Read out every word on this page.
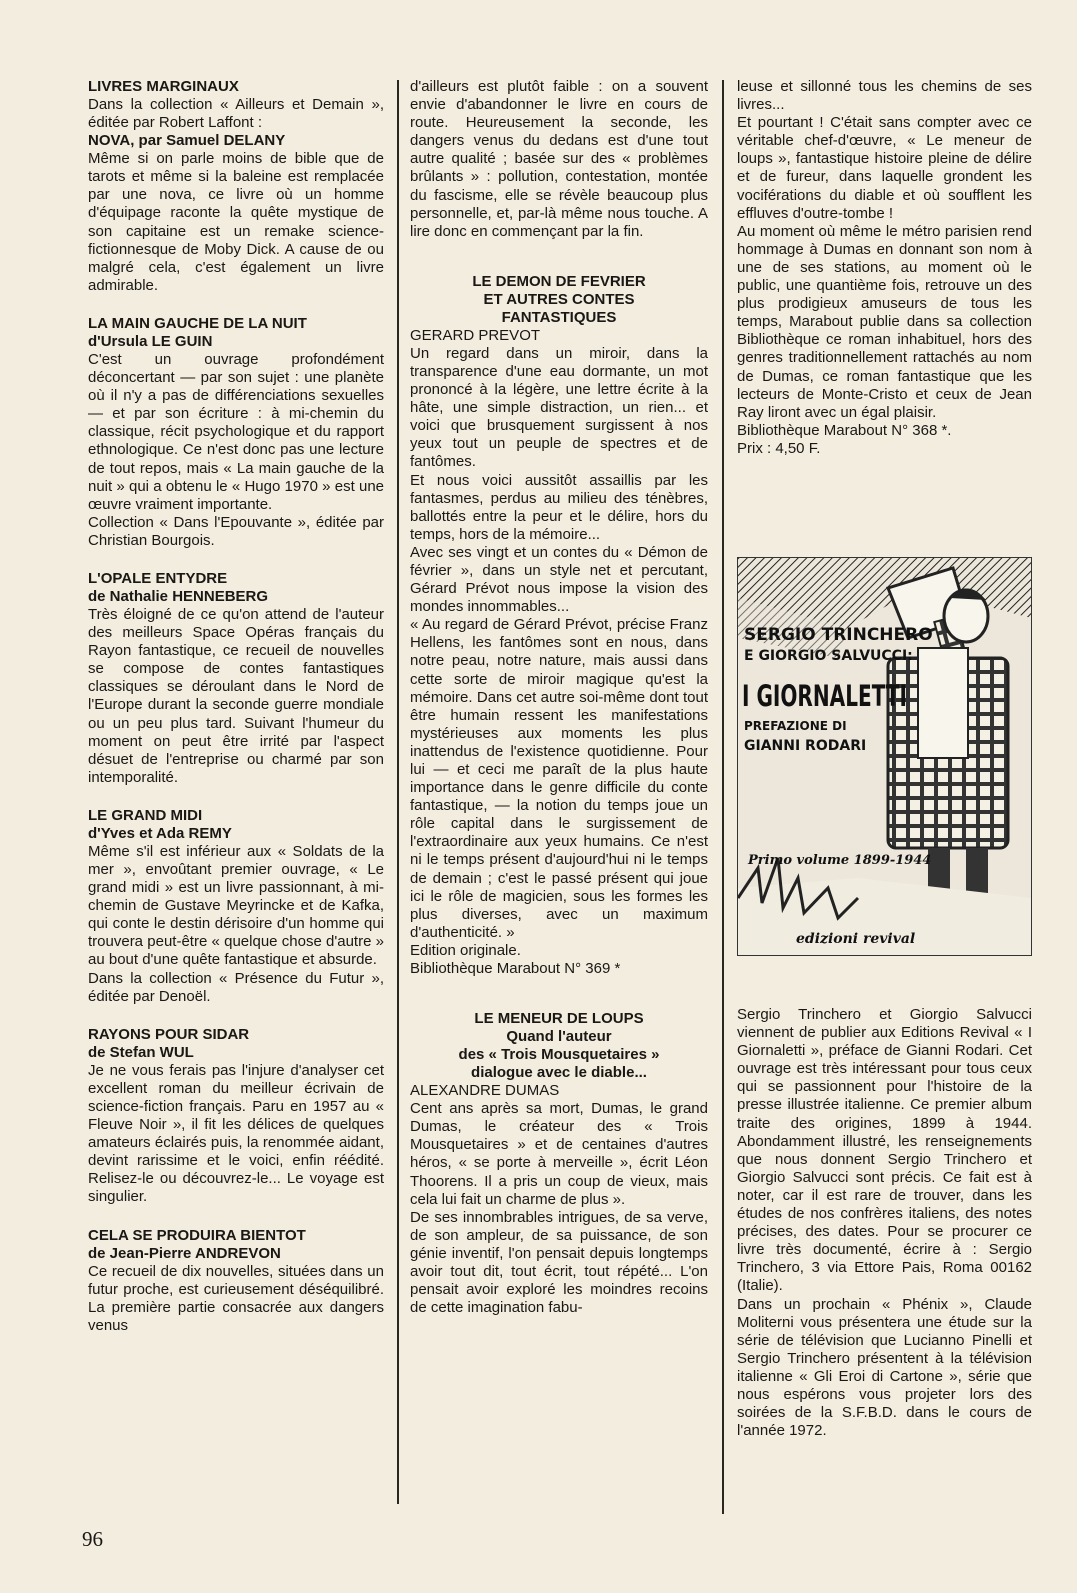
LIVRES MARGINAUX

Dans la collection « Ailleurs et Demain », éditée par Robert Laffont :

NOVA, par Samuel DELANY

Même si on parle moins de bible que de tarots et même si la baleine est remplacée par une nova, ce livre où un homme d'équipage raconte la quête mystique de son capitaine est un remake science-fictionnesque de Moby Dick. A cause de ou malgré cela, c'est également un livre admirable.

LA MAIN GAUCHE DE LA NUIT

d'Ursula LE GUIN

C'est un ouvrage profondément déconcertant — par son sujet : une planète où il n'y a pas de différenciations sexuelles — et par son écriture : à mi-chemin du classique, récit psychologique et du rapport ethnologique. Ce n'est donc pas une lecture de tout repos, mais « La main gauche de la nuit » qui a obtenu le « Hugo 1970 » est une œuvre vraiment importante.

Collection « Dans l'Epouvante », éditée par Christian Bourgois.

L'OPALE ENTYDRE

de Nathalie HENNEBERG

Très éloigné de ce qu'on attend de l'auteur des meilleurs Space Opéras français du Rayon fantastique, ce recueil de nouvelles se compose de contes fantastiques classiques se déroulant dans le Nord de l'Europe durant la seconde guerre mondiale ou un peu plus tard. Suivant l'humeur du moment on peut être irrité par l'aspect désuet de l'entreprise ou charmé par son intemporalité.

LE GRAND MIDI

d'Yves et Ada REMY

Même s'il est inférieur aux « Soldats de la mer », envoûtant premier ouvrage, « Le grand midi » est un livre passionnant, à mi-chemin de Gustave Meyrincke et de Kafka, qui conte le destin dérisoire d'un homme qui trouvera peut-être « quelque chose d'autre » au bout d'une quête fantastique et absurde.

Dans la collection « Présence du Futur », éditée par Denoël.

RAYONS POUR SIDAR

de Stefan WUL

Je ne vous ferais pas l'injure d'analyser cet excellent roman du meilleur écrivain de science-fiction français. Paru en 1957 au « Fleuve Noir », il fit les délices de quelques amateurs éclairés puis, la renommée aidant, devint rarissime et le voici, enfin réédité. Relisez-le ou découvrez-le... Le voyage est singulier.

CELA SE PRODUIRA BIENTOT

de Jean-Pierre ANDREVON

Ce recueil de dix nouvelles, situées dans un futur proche, est curieusement déséquilibré. La première partie consacrée aux dangers venus

d'ailleurs est plutôt faible : on a souvent envie d'abandonner le livre en cours de route. Heureusement la seconde, les dangers venus du dedans est d'une tout autre qualité ; basée sur des « problèmes brûlants » : pollution, contestation, montée du fascisme, elle se révèle beaucoup plus personnelle, et, par-là même nous touche. A lire donc en commençant par la fin.

LE DEMON DE FEVRIER

ET AUTRES CONTES

FANTASTIQUES

GERARD PREVOT

Un regard dans un miroir, dans la transparence d'une eau dormante, un mot prononcé à la légère, une lettre écrite à la hâte, une simple distraction, un rien... et voici que brusquement surgissent à nos yeux tout un peuple de spectres et de fantômes.

Et nous voici aussitôt assaillis par les fantasmes, perdus au milieu des ténèbres, ballottés entre la peur et le délire, hors du temps, hors de la mémoire...

Avec ses vingt et un contes du « Démon de février », dans un style net et percutant, Gérard Prévot nous impose la vision des mondes innommables...

« Au regard de Gérard Prévot, précise Franz Hellens, les fantômes sont en nous, dans notre peau, notre nature, mais aussi dans cette sorte de miroir magique qu'est la mémoire. Dans cet autre soi-même dont tout être humain ressent les manifestations mystérieuses aux moments les plus inattendus de l'existence quotidienne. Pour lui — et ceci me paraît de la plus haute importance dans le genre difficile du conte fantastique, — la notion du temps joue un rôle capital dans le surgissement de l'extraordinaire aux yeux humains. Ce n'est ni le temps présent d'aujourd'hui ni le temps de demain ; c'est le passé présent qui joue ici le rôle de magicien, sous les formes les plus diverses, avec un maximum d'authenticité. »

Edition originale.

Bibliothèque Marabout N° 369 *

LE MENEUR DE LOUPS

Quand l'auteur

des « Trois Mousquetaires »

dialogue avec le diable...

ALEXANDRE DUMAS

Cent ans après sa mort, Dumas, le grand Dumas, le créateur des « Trois Mousquetaires » et de centaines d'autres héros, « se porte à merveille », écrit Léon Thoorens. Il a pris un coup de vieux, mais cela lui fait un charme de plus ».

De ses innombrables intrigues, de sa verve, de son ampleur, de sa puissance, de son génie inventif, l'on pensait depuis longtemps avoir tout dit, tout écrit, tout répété... L'on pensait avoir exploré les moindres recoins de cette imagination fabu-

leuse et sillonné tous les chemins de ses livres...

Et pourtant ! C'était sans compter avec ce véritable chef-d'œuvre, « Le meneur de loups », fantastique histoire pleine de délire et de fureur, dans laquelle grondent les vociférations du diable et où soufflent les effluves d'outre-tombe !

Au moment où même le métro parisien rend hommage à Dumas en donnant son nom à une de ses stations, au moment où le public, une quantième fois, retrouve un des plus prodigieux amuseurs de tous les temps, Marabout publie dans sa collection Bibliothèque ce roman inhabituel, hors des genres traditionnellement rattachés au nom de Dumas, ce roman fantastique que les lecteurs de Monte-Cristo et ceux de Jean Ray liront avec un égal plaisir.

Bibliothèque Marabout N° 368 *.

Prix : 4,50 F.

SERGIO TRINCHERO
E GIORGIO SALVUCCI:
I GIORNALETTI
PREFAZIONE DI
GIANNI RODARI
Primo volume 1899-1944
edizioni revival

Sergio Trinchero et Giorgio Salvucci viennent de publier aux Editions Revival « I Giornaletti », préface de Gianni Rodari. Cet ouvrage est très intéressant pour tous ceux qui se passionnent pour l'histoire de la presse illustrée italienne. Ce premier album traite des origines, 1899 à 1944. Abondamment illustré, les renseignements que nous donnent Sergio Trinchero et Giorgio Salvucci sont précis. Ce fait est à noter, car il est rare de trouver, dans les études de nos confrères italiens, des notes précises, des dates. Pour se procurer ce livre très documenté, écrire à : Sergio Trinchero, 3 via Ettore Pais, Roma 00162 (Italie).

Dans un prochain « Phénix », Claude Moliterni vous présentera une étude sur la série de télévision que Lucianno Pinelli et Sergio Trinchero présentent à la télévision italienne « Gli Eroi di Cartone », série que nous espérons vous projeter lors des soirées de la S.F.B.D. dans le cours de l'année 1972.

96
